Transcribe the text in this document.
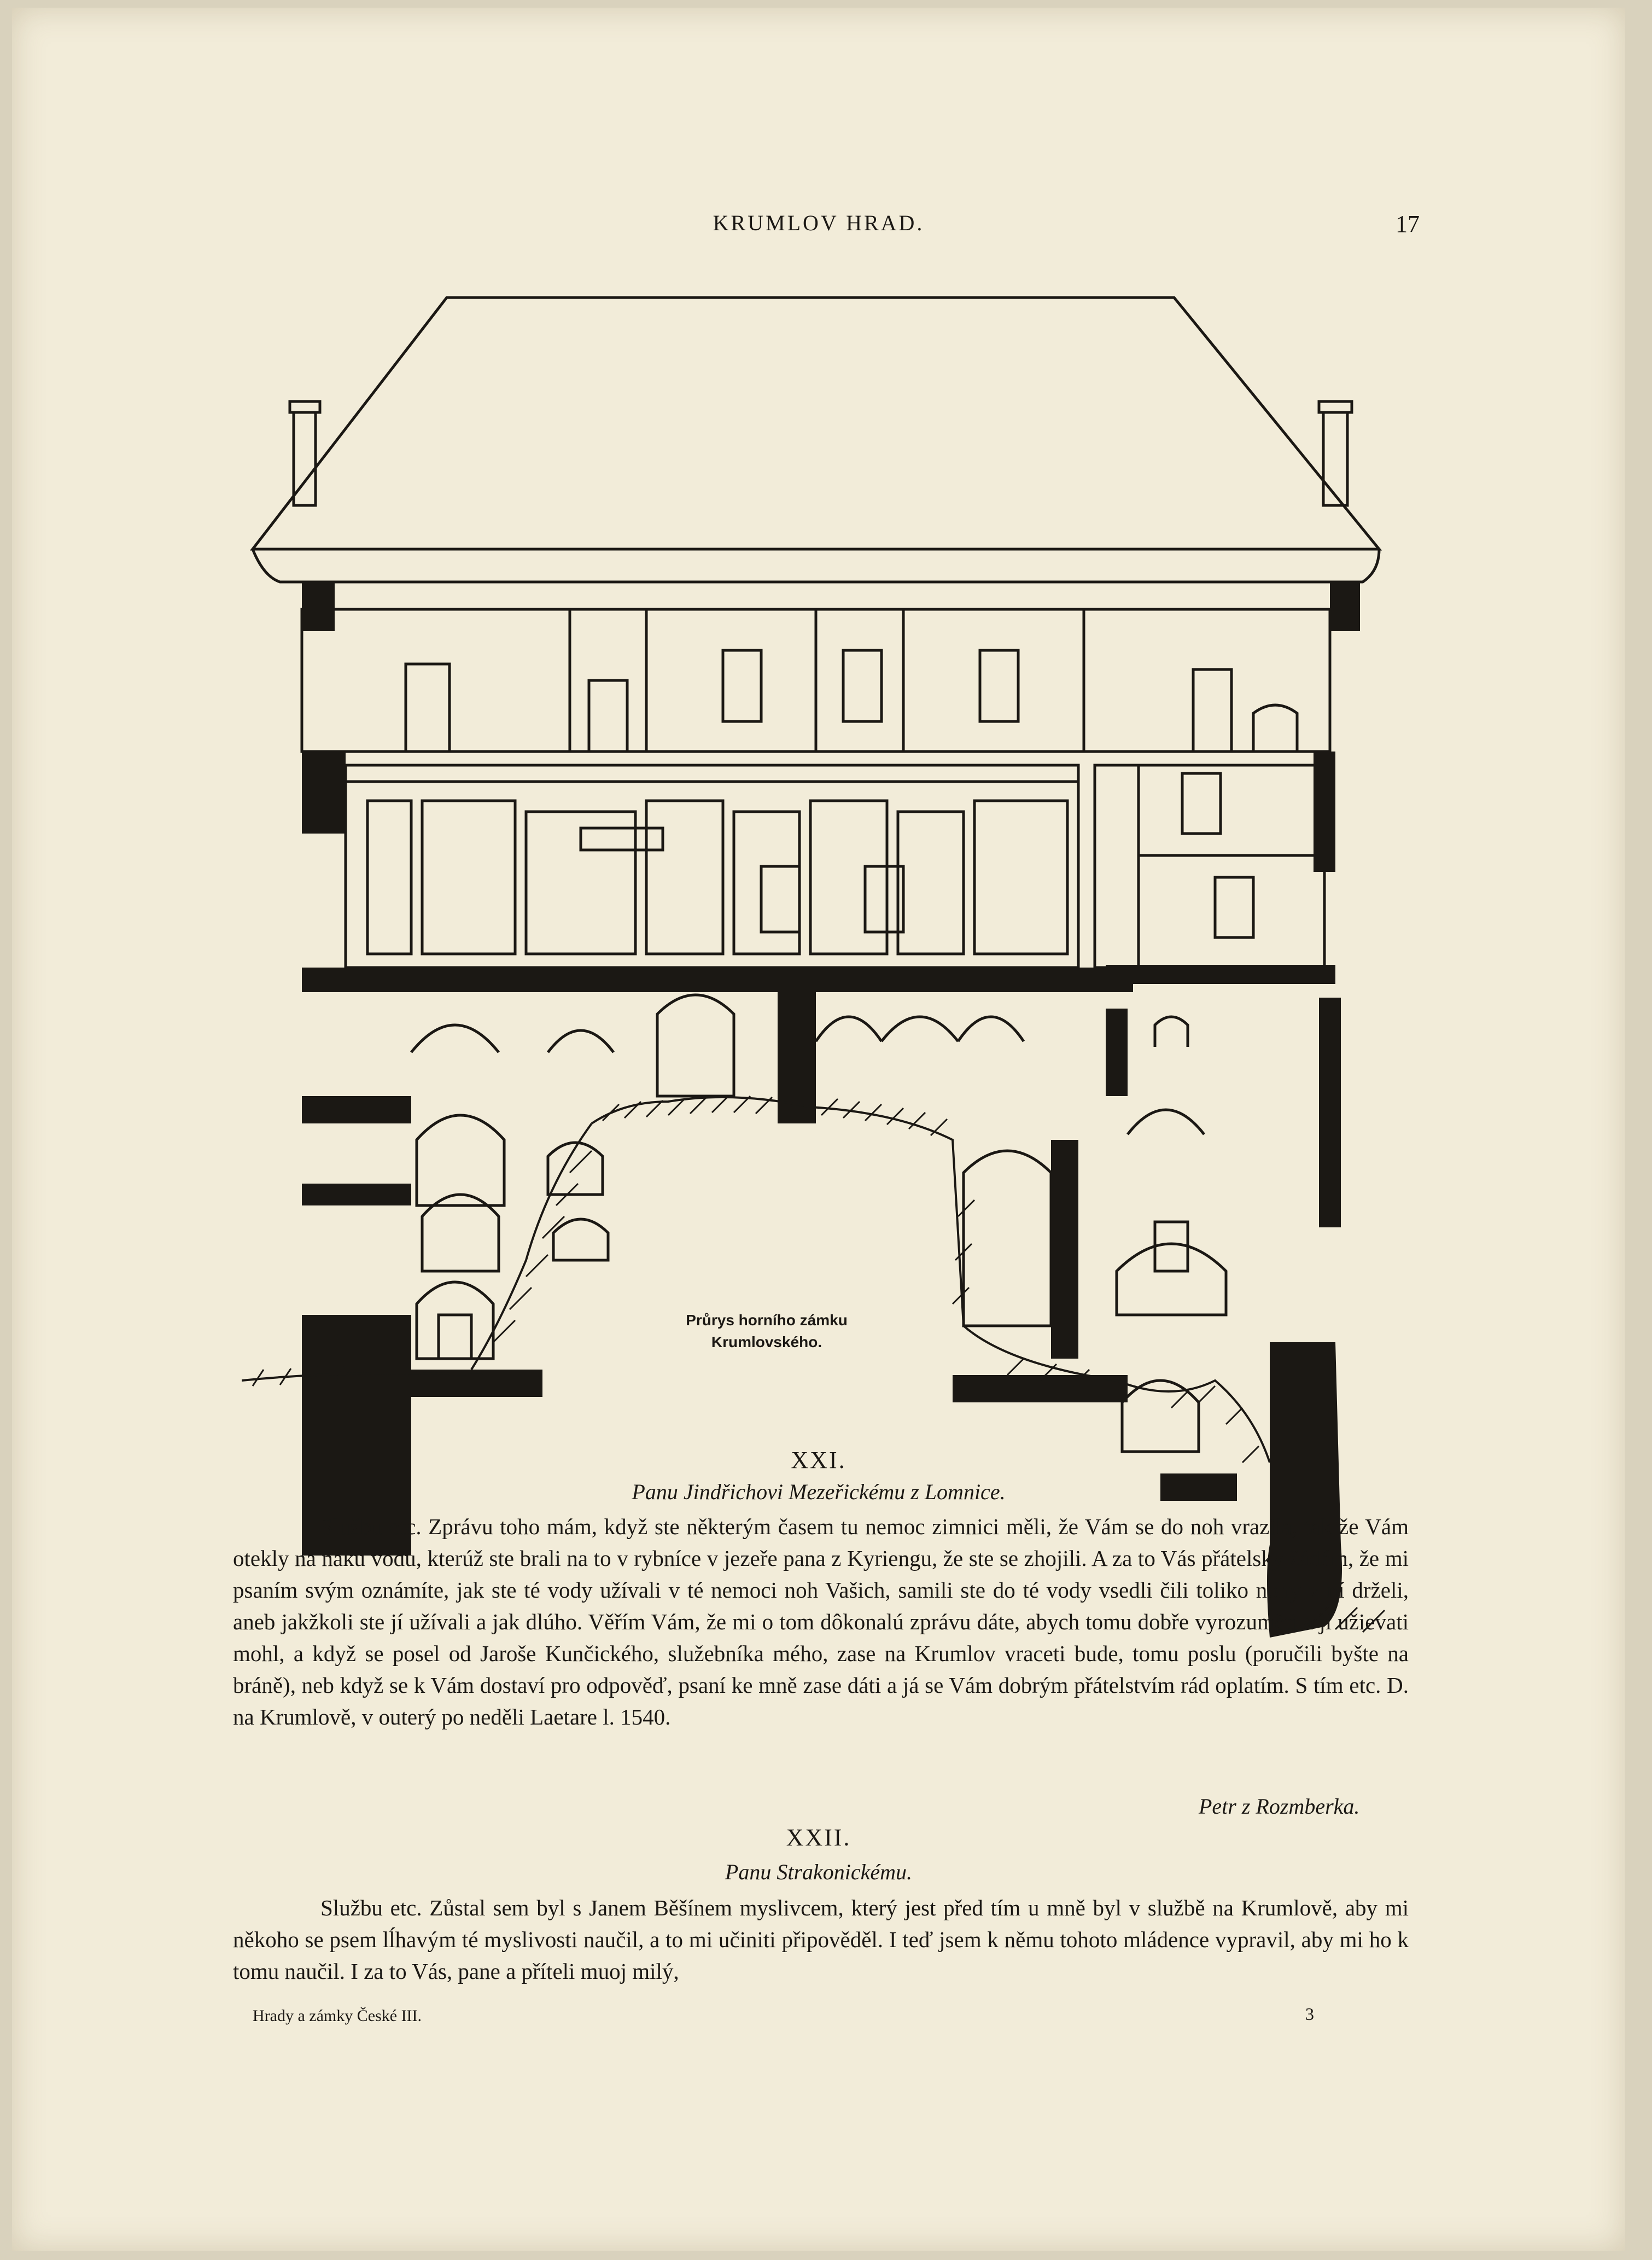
KRUMLOV HRAD.	17
Průrys horního zámku
Krumlovského.
XXI.
Panu Jindřichovi Mezeřickému z Lomnice.
Službu etc. Zprávu toho mám, když ste některým časem tu nemoc zimnici měli, že Vám se do noh vrazila, tak že Vám otekly na ňákú vodu, kterúž ste brali na to v rybníce v jezeře pana z Kyriengu, že ste se zhojili. A za to Vás přátelsky žádám, že mi psaním svým oznámíte, jak ste té vody užívali v té nemoci noh Vašich, samili ste do té vody vsedli čili toliko nohy v ní drželi, aneb jakžkoli ste jí užívali a jak dlúho. Věřím Vám, že mi o tom dôkonalú zprávu dáte, abych tomu dobře vyrozuměti a jí užievati mohl, a když se posel od Jaroše Kunčického, služebníka mého, zase na Krumlov vraceti bude, tomu poslu (poručili byšte na bráně), neb když se k Vám dostaví pro odpověď, psaní ke mně zase dáti a já se Vám dobrým přátelstvím rád oplatím. S tím etc. D. na Krumlově, v outerý po neděli Laetare l. 1540.
Petr z Rozmberka.
XXII.
Panu Strakonickému.
Službu etc. Zůstal sem byl s Janem Běšínem myslivcem, který jest před tím u mně byl v službě na Krumlově, aby mi někoho se psem lĺhavým té myslivosti naučil, a to mi učiniti připověděl. I teď jsem k němu tohoto mládence vypravil, aby mi ho k tomu naučil. I za to Vás, pane a příteli muoj milý,
Hrady a zámky České III.	3
